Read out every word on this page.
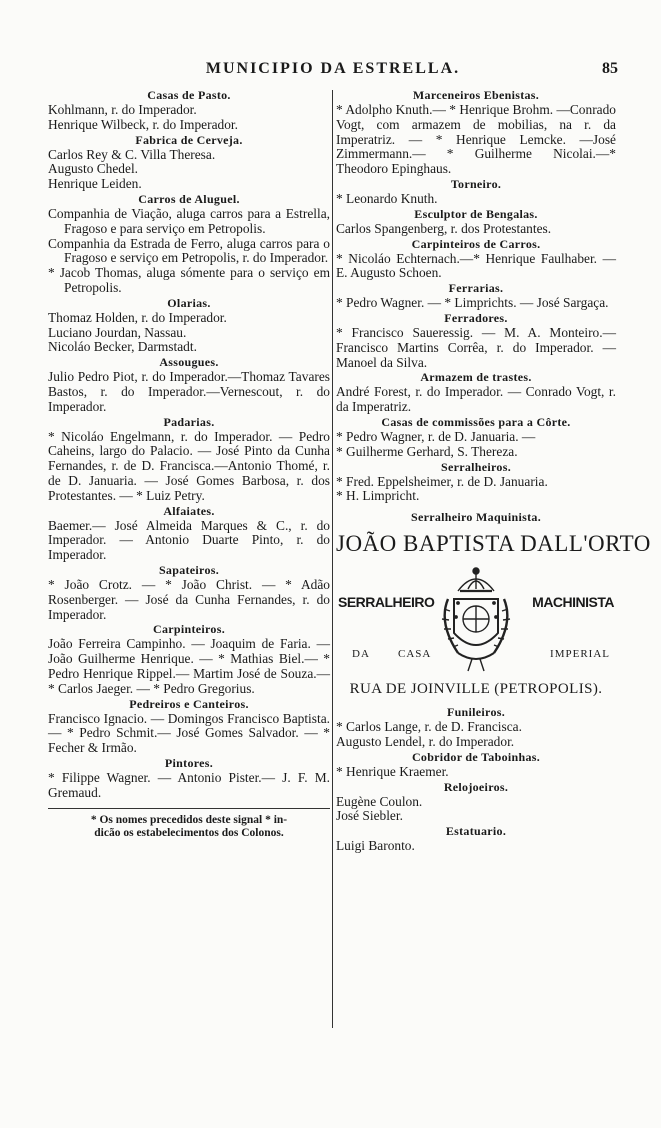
MUNICIPIO DA ESTRELLA.	85
Casas de Pasto.
Kohlmann, r. do Imperador.
Henrique Wilbeck, r. do Imperador.
Fabrica de Cerveja.
Carlos Rey & C. Villa Theresa.
Augusto Chedel.
Henrique Leiden.
Carros de Aluguel.
Companhia de Viação, aluga carros para a Estrella, Fragoso e para serviço em Petropolis.
Companhia da Estrada de Ferro, aluga carros para o Fragoso e serviço em Petropolis, r. do Imperador.
* Jacob Thomas, aluga sómente para o serviço em Petropolis.
Olarias.
Thomaz Holden, r. do Imperador.
Luciano Jourdan, Nassau.
Nicoláo Becker, Darmstadt.
Assougues.
Julio Pedro Piot, r. do Imperador.—Thomaz Tavares Bastos, r. do Imperador.—Vernescout, r. do Imperador.
Padarias.
* Nicoláo Engelmann, r. do Imperador. — Pedro Caheins, largo do Palacio. — José Pinto da Cunha Fernandes, r. de D. Francisca.—Antonio Thomé, r. de D. Januaria. — José Gomes Barbosa, r. dos Protestantes. — * Luiz Petry.
Alfaiates.
Baemer.— José Almeida Marques & C., r. do Imperador. — Antonio Duarte Pinto, r. do Imperador.
Sapateiros.
* João Crotz. — * João Christ. — * Adão Rosenberger. — José da Cunha Fernandes, r. do Imperador.
Carpinteiros.
João Ferreira Campinho. — Joaquim de Faria. —João Guilherme Henrique. — * Mathias Biel.— * Pedro Henrique Rippel.— Martim José de Souza.— * Carlos Jaeger. — * Pedro Gregorius.
Pedreiros e Canteiros.
Francisco Ignacio. — Domingos Francisco Baptista.— * Pedro Schmit.— José Gomes Salvador. — * Fecher & Irmão.
Pintores.
* Filippe Wagner. — Antonio Pister.— J. F. M. Gremaud.
* Os nomes precedidos deste signal * in-
dicão os estabelecimentos dos Colonos.
Marceneiros Ebenistas.
* Adolpho Knuth.— * Henrique Brohm. —Conrado Vogt, com armazem de mobilias, na r. da Imperatriz. — * Henrique Lemcke. —José Zimmermann.— * Guilherme Nicolai.—* Theodoro Epinghaus.
Torneiro.
* Leonardo Knuth.
Esculptor de Bengalas.
Carlos Spangenberg, r. dos Protestantes.
Carpinteiros de Carros.
* Nicoláo Echternach.—* Henrique Faulhaber. — E. Augusto Schoen.
Ferrarias.
* Pedro Wagner. — * Limprichts. — José Sargaça.
Ferradores.
* Francisco Saueressig. — M. A. Monteiro.— Francisco Martins Corrêa, r. do Imperador. — Manoel da Silva.
Armazem de trastes.
André Forest, r. do Imperador. — Conrado Vogt, r. da Imperatriz.
Casas de commissões para a Côrte.
* Pedro Wagner, r. de D. Januaria. —
* Guilherme Gerhard, S. Thereza.
Serralheiros.
* Fred. Eppelsheimer, r. de D. Januaria.
* H. Limpricht.
Serralheiro Maquinista.
JOÃO BAPTISTA DALL'ORTO
SERRALHEIRO	MACHINISTA
DA	CASA	IMPERIAL
RUA DE JOINVILLE (PETROPOLIS).
Funileiros.
* Carlos Lange, r. de D. Francisca.
Augusto Lendel, r. do Imperador.
Cobridor de Taboinhas.
* Henrique Kraemer.
Relojoeiros.
Eugène Coulon.
José Siebler.
Estatuario.
Luigi Baronto.
